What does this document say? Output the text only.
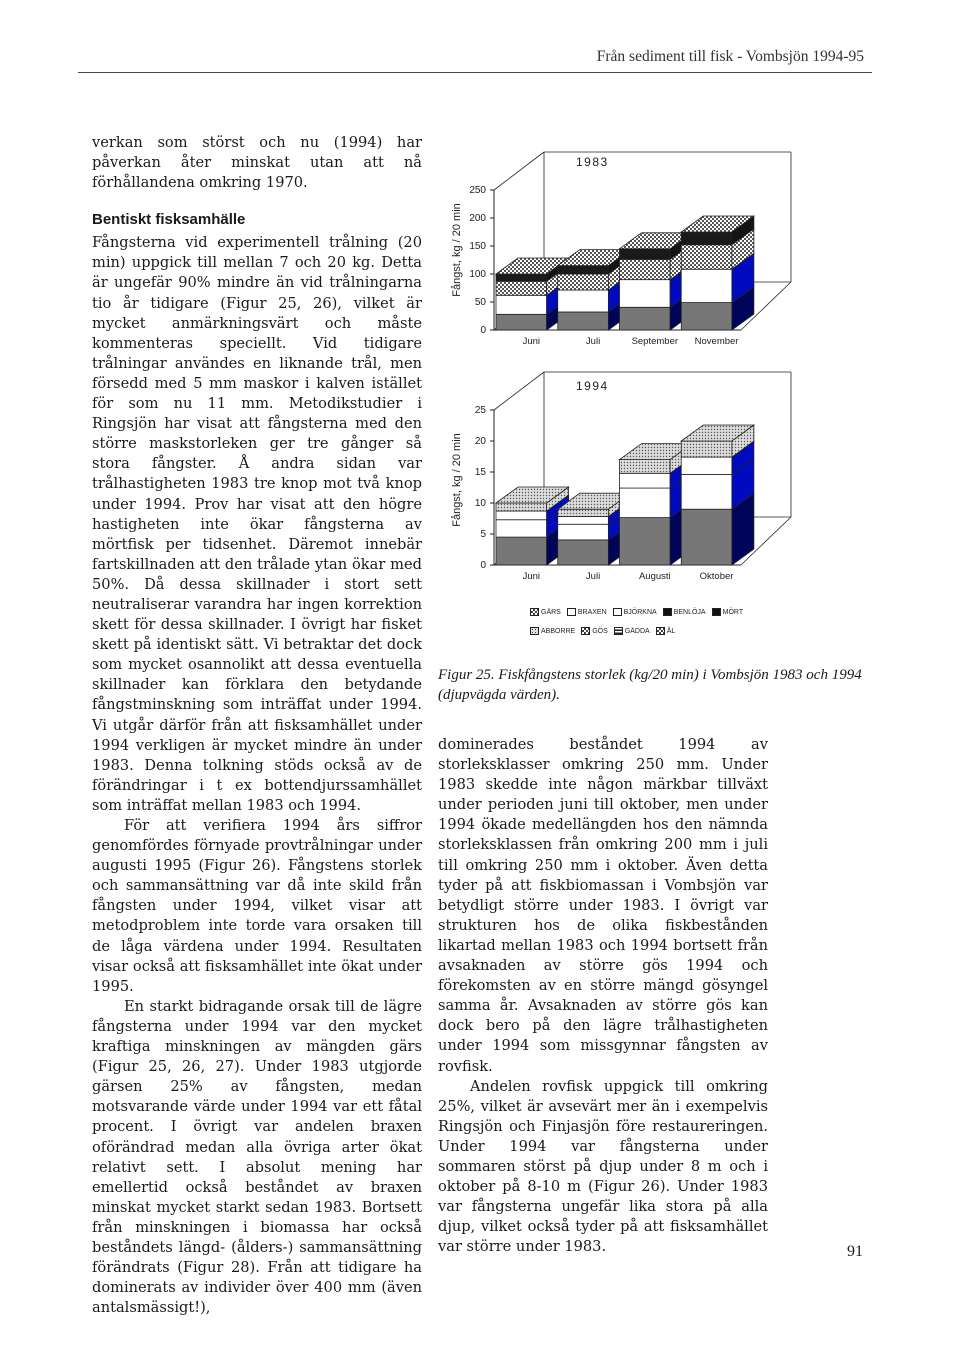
Från sediment till fisk - Vombsjön 1994-95

verkan som störst och nu (1994) har påverkan åter minskat utan att nå förhållandena omkring 1970.

Bentiskt fisksamhälle

Fångsterna vid experimentell trålning (20 min) uppgick till mellan 7 och 20 kg. Detta är ungefär 90% mindre än vid trålningarna tio år tidigare (Figur 25, 26), vilket är mycket anmärkningsvärt och måste kommenteras speciellt. Vid tidigare trålningar användes en liknande trål, men försedd med 5 mm maskor i kalven istället för som nu 11 mm. Metodikstudier i Ringsjön har visat att fångsterna med den större maskstorleken ger tre gånger så stora fångster. Å andra sidan var trålhastigheten 1983 tre knop mot två knop under 1994. Prov har visat att den högre hastigheten inte ökar fångsterna av mörtfisk per tidsenhet. Däremot innebär fartskillnaden att den trålade ytan ökar med 50%. Då dessa skillnader i stort sett neutraliserar varandra har ingen korrektion skett för dessa skillnader. I övrigt har fisket skett på identiskt sätt. Vi betraktar det dock som mycket osannolikt att dessa eventuella skillnader kan förklara den betydande fångstminskning som inträffat under 1994. Vi utgår därför från att fisksamhället under 1994 verkligen är mycket mindre än under 1983. Denna tolkning stöds också av de förändringar i t ex bottendjurssamhället som inträffat mellan 1983 och 1994.

För att verifiera 1994 års siffror genomfördes förnyade provtrålningar under augusti 1995 (Figur 26). Fångstens storlek och sammansättning var då inte skild från fångsten under 1994, vilket visar att metodproblem inte torde vara orsaken till de låga värdena under 1994. Resultaten visar också att fisksamhället inte ökat under 1995.

En starkt bidragande orsak till de lägre fångsterna under 1994 var den mycket kraftiga minskningen av mängden gärs (Figur 25, 26, 27). Under 1983 utgjorde gärsen 25% av fångsten, medan motsvarande värde under 1994 var ett fåtal procent. I övrigt var andelen braxen oförändrad medan alla övriga arter ökat relativt sett. I absolut mening har emellertid också beståndet av braxen minskat mycket starkt sedan 1983. Bortsett från minskningen i biomassa har också beståndets längd- (ålders-) sammansättning förändrats (Figur 28). Från att tidigare ha dominerats av individer över 400 mm (även antalsmässigt!),

0
50
100
150
200
250
1983
Fångst, kg / 20 min
Juni	Juli	September November
0
5
10
15
20
25
1994
Fångst, kg / 20 min
Juni	Juli	Augusti	Oktober
GÄRS BRAXEN BJÖRKNA BENLÖJA MÖRT
ABBORRE GÖS GÄDDA ÅL
Figur 25. Fiskfångstens storlek (kg/20 min) i Vombsjön 1983 och 1994 (djupvägda värden).

dominerades beståndet 1994 av storleksklasser omkring 250 mm. Under 1983 skedde inte någon märkbar tillväxt under perioden juni till oktober, men under 1994 ökade medellängden hos den nämnda storleksklassen från omkring 200 mm i juli till omkring 250 mm i oktober. Även detta tyder på att fiskbiomassan i Vombsjön var betydligt större under 1983. I övrigt var strukturen hos de olika fiskbestånden likartad mellan 1983 och 1994 bortsett från avsaknaden av större gös 1994 och förekomsten av en större mängd gösyngel samma år. Avsaknaden av större gös kan dock bero på den lägre trålhastigheten under 1994 som missgynnar fångsten av rovfisk.

Andelen rovfisk uppgick till omkring 25%, vilket är avsevärt mer än i exempelvis Ringsjön och Finjasjön före restaureringen. Under 1994 var fångsterna under sommaren störst på djup under 8 m och i oktober på 8-10 m (Figur 26). Under 1983 var fångsterna ungefär lika stora på alla djup, vilket också tyder på att fisksamhället var större under 1983.	91
